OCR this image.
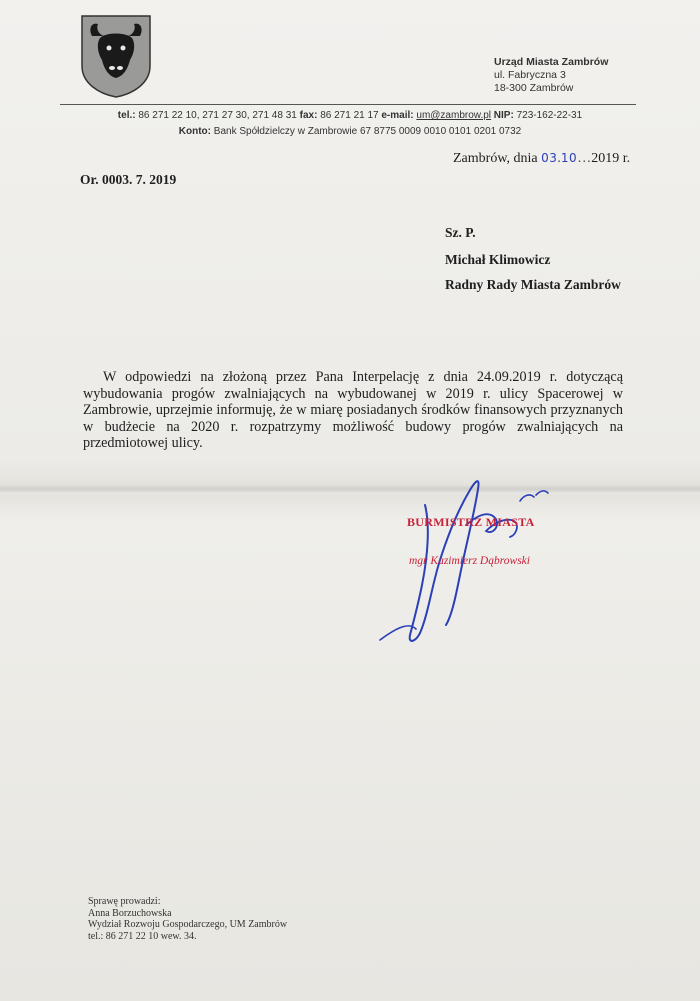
Urząd Miasta Zambrów
ul. Fabryczna 3
18-300 Zambrów
tel.: 86 271 22 10, 271 27 30, 271 48 31 fax: 86 271 21 17 e-mail: um@zambrow.pl NIP: 723-162-22-31
Konto: Bank Spółdzielczy w Zambrowie 67 8775 0009 0010 0101 0201 0732
Zambrów, dnia 03.10…2019 r.
Or. 0003. 7. 2019
Sz. P.
Michał Klimowicz
Radny Rady Miasta Zambrów
W odpowiedzi na złożoną przez Pana Interpelację z dnia 24.09.2019 r. dotyczącą wybudowania progów zwalniających na wybudowanej w 2019 r. ulicy Spacerowej w Zambrowie, uprzejmie informuję, że w miarę posiadanych środków finansowych przyznanych w budżecie na 2020 r. rozpatrzymy możliwość budowy progów zwalniających na przedmiotowej ulicy.
BURMISTRZ MIASTA
mgr Kazimierz Dąbrowski
Sprawę prowadzi:
Anna Borzuchowska
Wydział Rozwoju Gospodarczego, UM Zambrów
tel.: 86 271 22 10 wew. 34.
